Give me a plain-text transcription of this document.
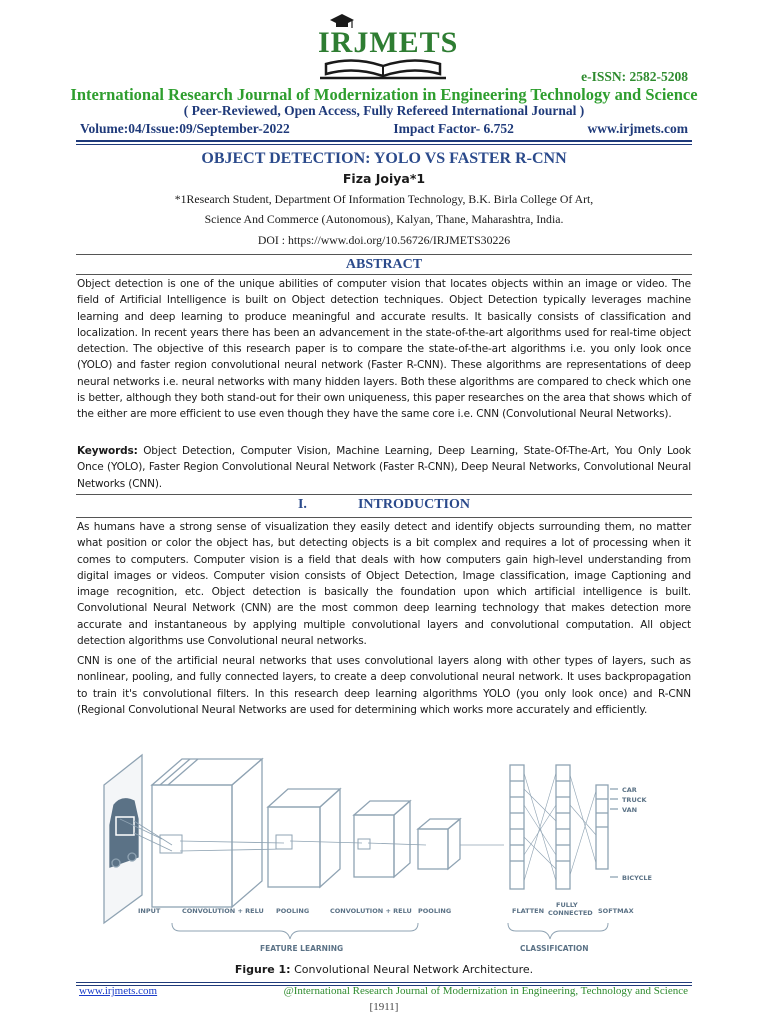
IRJMETS
e-ISSN: 2582-5208
International Research Journal of Modernization in Engineering Technology and Science
( Peer-Reviewed, Open Access, Fully Refereed International Journal )
Volume:04/Issue:09/September-2022	Impact Factor- 6.752	www.irjmets.com
OBJECT DETECTION: YOLO VS FASTER R-CNN
Fiza Joiya*1
*1Research Student, Department Of Information Technology, B.K. Birla College Of Art,
Science And Commerce (Autonomous), Kalyan, Thane, Maharashtra, India.
DOI : https://www.doi.org/10.56726/IRJMETS30226
ABSTRACT
Object detection is one of the unique abilities of computer vision that locates objects within an image or video. The field of Artificial Intelligence is built on Object detection techniques. Object Detection typically leverages machine learning and deep learning to produce meaningful and accurate results. It basically consists of classification and localization. In recent years there has been an advancement in the state-of-the-art algorithms used for real-time object detection. The objective of this research paper is to compare the state-of-the-art algorithms i.e. you only look once (YOLO) and faster region convolutional neural network (Faster R-CNN). These algorithms are representations of deep neural networks i.e. neural networks with many hidden layers. Both these algorithms are compared to check which one is better, although they both stand-out for their own uniqueness, this paper researches on the area that shows which of the either are more efficient to use even though they have the same core i.e. CNN (Convolutional Neural Networks).
Keywords: Object Detection, Computer Vision, Machine Learning, Deep Learning, State-Of-The-Art, You Only Look Once (YOLO), Faster Region Convolutional Neural Network (Faster R-CNN), Deep Neural Networks, Convolutional Neural Networks (CNN).
I.	INTRODUCTION
As humans have a strong sense of visualization they easily detect and identify objects surrounding them, no matter what position or color the object has, but detecting objects is a bit complex and requires a lot of processing when it comes to computers. Computer vision is a field that deals with how computers gain high-level understanding from digital images or videos. Computer vision consists of Object Detection, Image classification, image Captioning and image recognition, etc. Object detection is basically the foundation upon which artificial intelligence is built. Convolutional Neural Network (CNN) are the most common deep learning technology that makes detection more accurate and instantaneous by applying multiple convolutional layers and convolutional computation. All object detection algorithms use Convolutional neural networks.
CNN is one of the artificial neural networks that uses convolutional layers along with other types of layers, such as nonlinear, pooling, and fully connected layers, to create a deep convolutional neural network. It uses backpropagation to train it's convolutional filters. In this research deep learning algorithms YOLO (you only look once) and R-CNN (Regional Convolutional Neural Networks are used for determining which works more accurately and efficiently.
CAR
TRUCK
VAN
BICYCLE
INPUT	CONVOLUTION + RELU POOLING	CONVOLUTION + RELU POOLING	FLATTEN
FULLY
CONNECTED SOFTMAX
FEATURE LEARNING	CLASSIFICATION
Figure 1: Convolutional Neural Network Architecture.
www.irjmets.com	@International Research Journal of Modernization in Engineering, Technology and Science
[1911]
